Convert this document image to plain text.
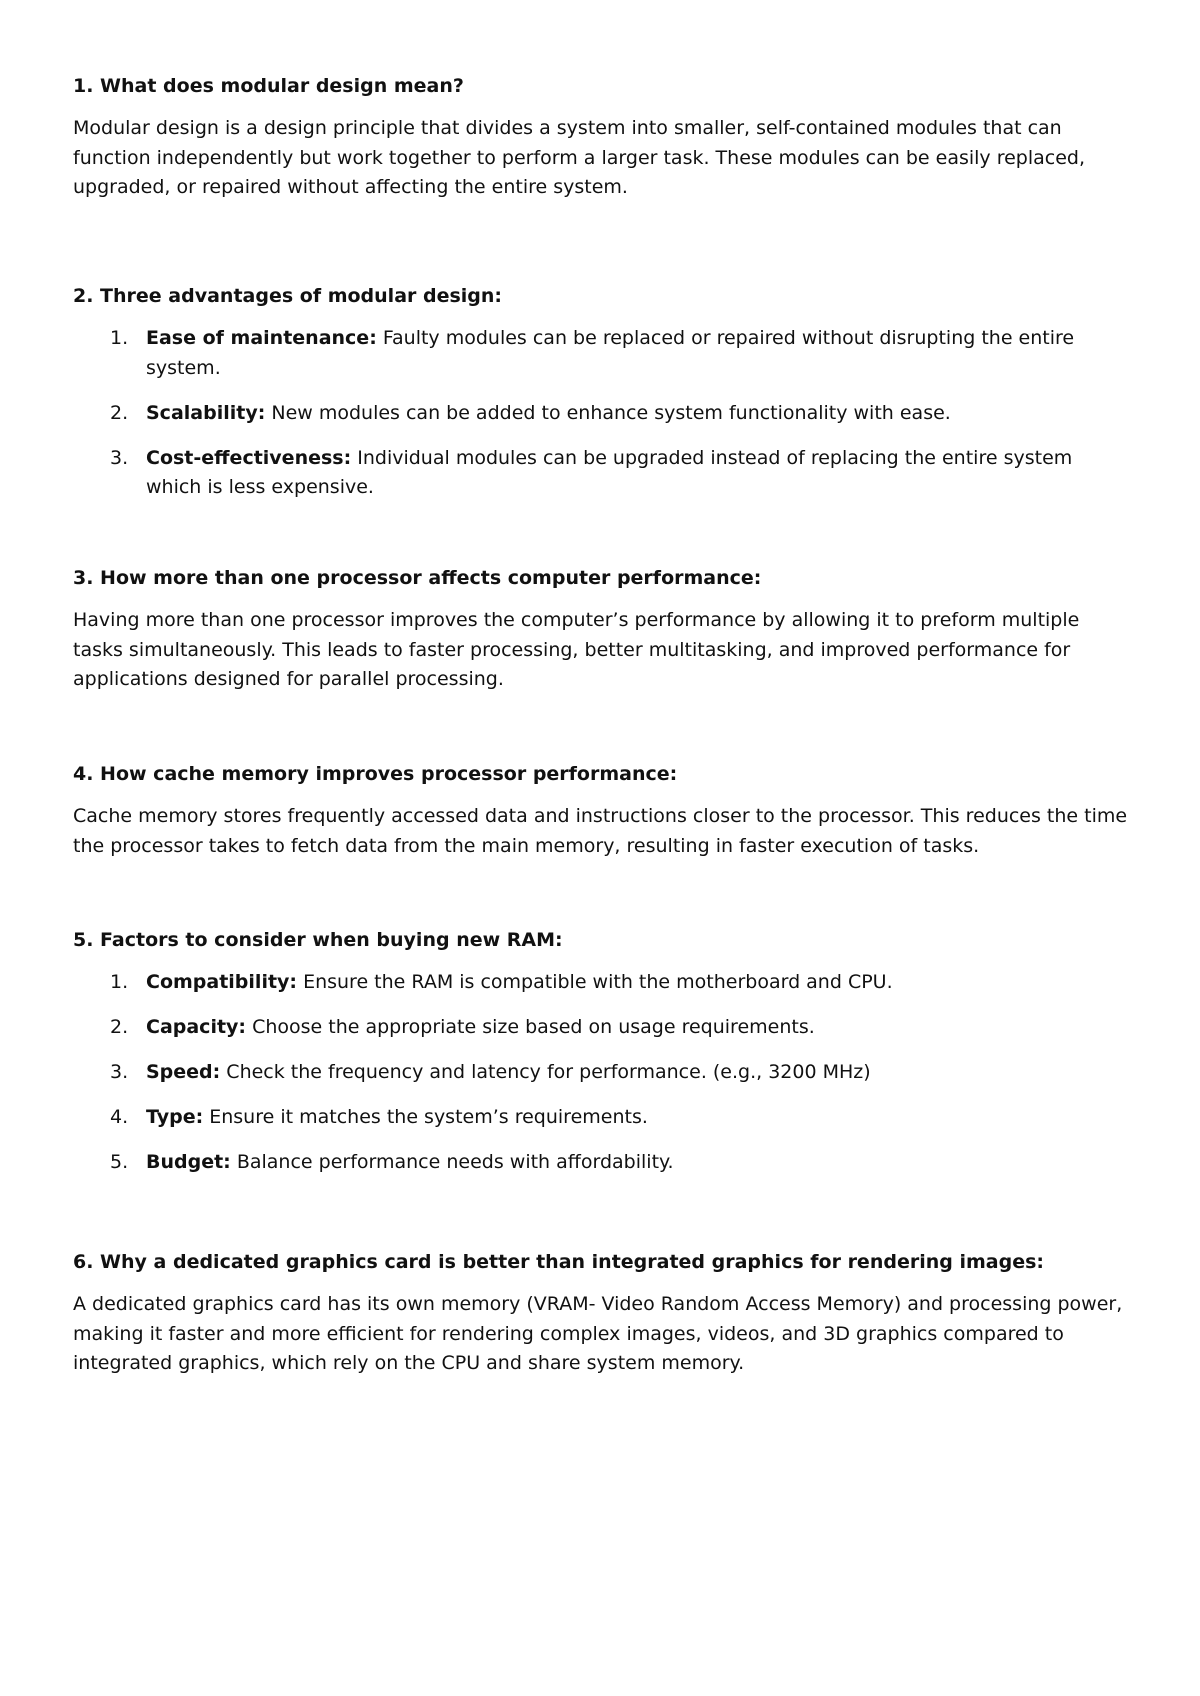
1. What does modular design mean?

Modular design is a design principle that divides a system into smaller, self-contained modules that can function independently but work together to perform a larger task. These modules can be easily replaced, upgraded, or repaired without affecting the entire system.

2. Three advantages of modular design:
1. Ease of maintenance: Faulty modules can be replaced or repaired without disrupting the entire system.
2. Scalability: New modules can be added to enhance system functionality with ease.
3. Cost-effectiveness: Individual modules can be upgraded instead of replacing the entire system which is less expensive.
3. How more than one processor affects computer performance:

Having more than one processor improves the computer’s performance by allowing it to preform multiple tasks simultaneously. This leads to faster processing, better multitasking, and improved performance for applications designed for parallel processing.

4. How cache memory improves processor performance:

Cache memory stores frequently accessed data and instructions closer to the processor. This reduces the time the processor takes to fetch data from the main memory, resulting in faster execution of tasks.

5. Factors to consider when buying new RAM:
1. Compatibility: Ensure the RAM is compatible with the motherboard and CPU.
2. Capacity: Choose the appropriate size based on usage requirements.
3. Speed: Check the frequency and latency for performance. (e.g., 3200 MHz)
4. Type: Ensure it matches the system’s requirements.
5. Budget: Balance performance needs with affordability.
6. Why a dedicated graphics card is better than integrated graphics for rendering images:

A dedicated graphics card has its own memory (VRAM- Video Random Access Memory) and processing power, making it faster and more efficient for rendering complex images, videos, and 3D graphics compared to integrated graphics, which rely on the CPU and share system memory.
